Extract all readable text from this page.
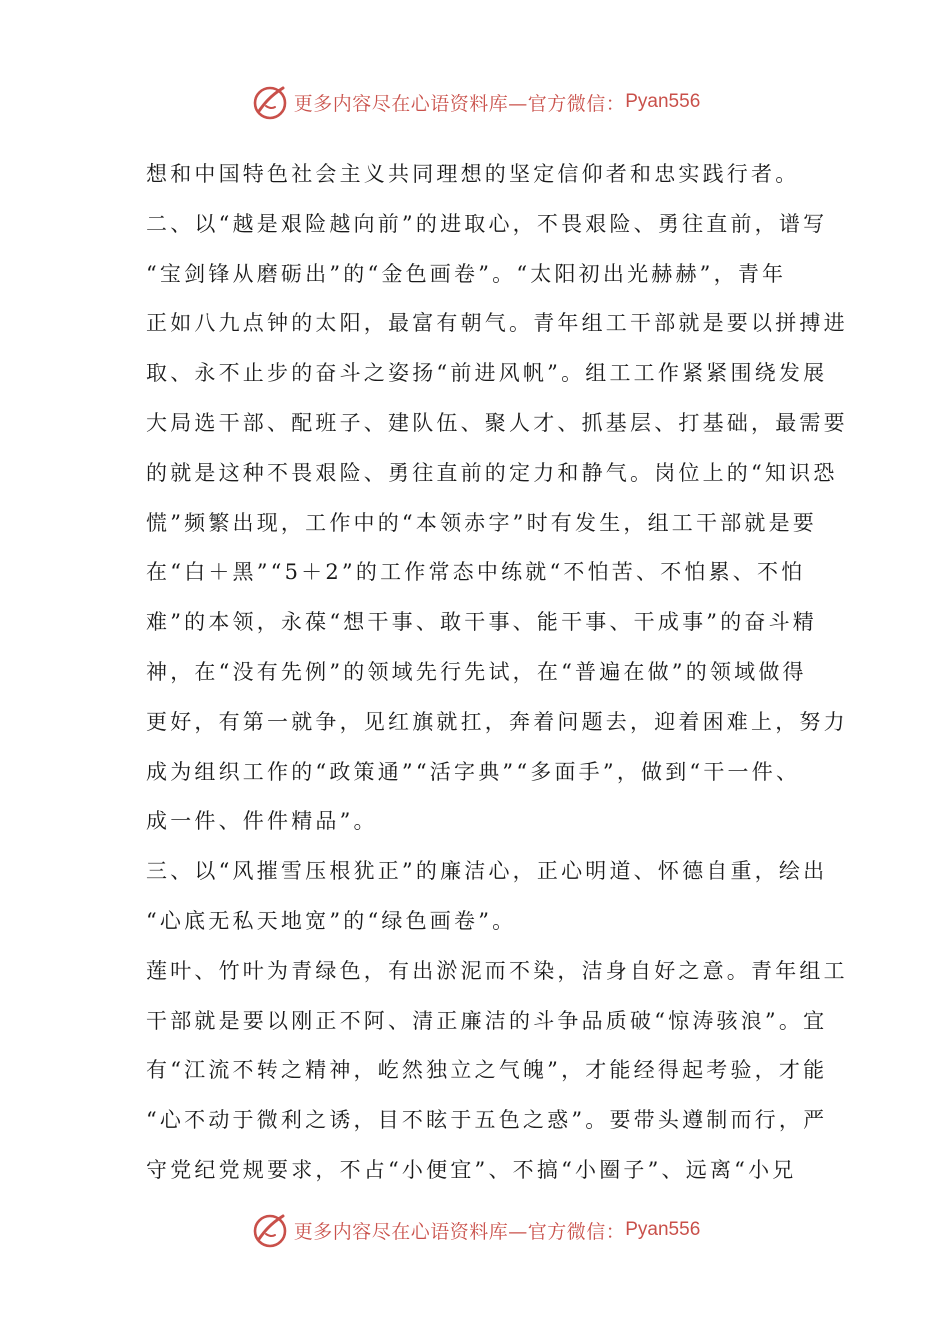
更多内容尽在心语资料库—官方微信： Pyan556
想和中国特色社会主义共同理想的坚定信仰者和忠实践行者。
二、以“越是艰险越向前”的进取心，不畏艰险、勇往直前，谱写
“宝剑锋从磨砺出”的“金色画卷”。“太阳初出光赫赫”，青年
正如八九点钟的太阳，最富有朝气。青年组工干部就是要以拼搏进
取、永不止步的奋斗之姿扬“前进风帆”。组工工作紧紧围绕发展
大局选干部、配班子、建队伍、聚人才、抓基层、打基础，最需要
的就是这种不畏艰险、勇往直前的定力和静气。岗位上的“知识恐
慌”频繁出现，工作中的“本领赤字”时有发生，组工干部就是要
在“白＋黑”“5＋2”的工作常态中练就“不怕苦、不怕累、不怕
难”的本领，永葆“想干事、敢干事、能干事、干成事”的奋斗精
神，在“没有先例”的领域先行先试，在“普遍在做”的领域做得
更好，有第一就争，见红旗就扛，奔着问题去，迎着困难上，努力
成为组织工作的“政策通”“活字典”“多面手”，做到“干一件、
成一件、件件精品”。
三、以“风摧雪压根犹正”的廉洁心，正心明道、怀德自重，绘出
“心底无私天地宽”的“绿色画卷”。
莲叶、竹叶为青绿色，有出淤泥而不染，洁身自好之意。青年组工
干部就是要以刚正不阿、清正廉洁的斗争品质破“惊涛骇浪”。宜
有“江流不转之精神，屹然独立之气魄”，才能经得起考验，才能
“心不动于微利之诱，目不眩于五色之惑”。要带头遵制而行，严
守党纪党规要求，不占“小便宜”、不搞“小圈子”、远离“小兄
更多内容尽在心语资料库—官方微信： Pyan556
